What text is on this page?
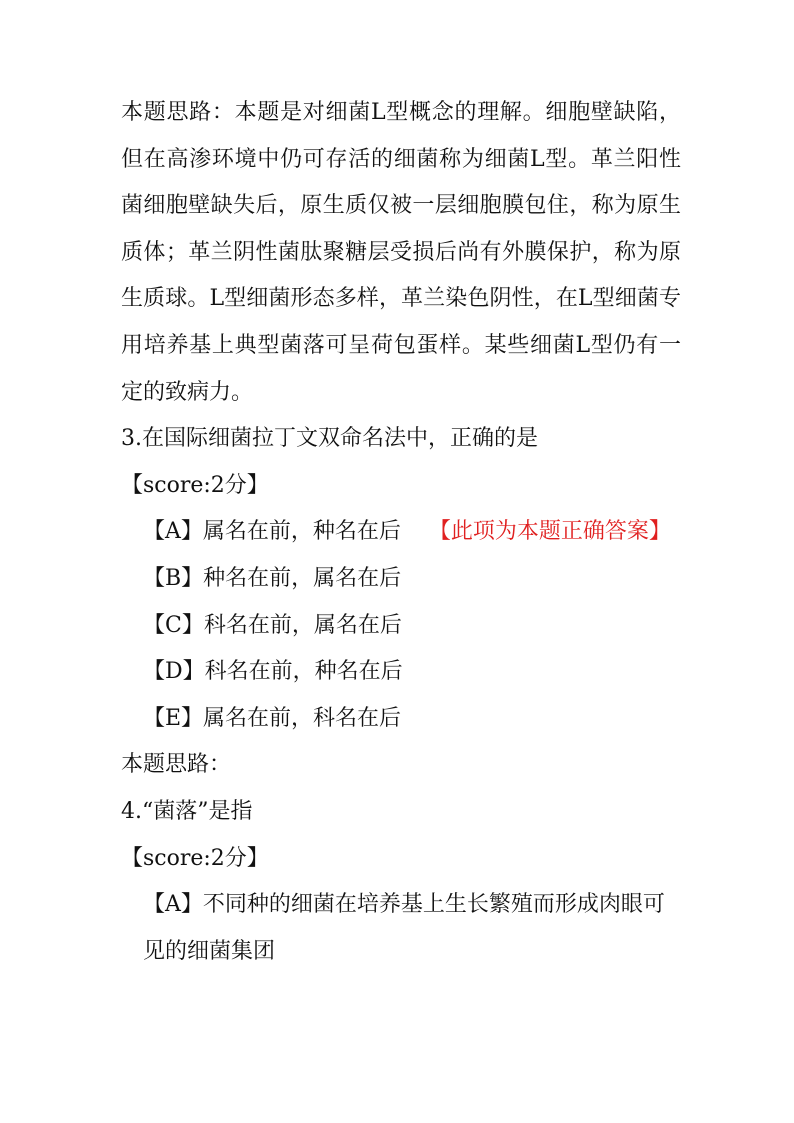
本题思路：本题是对细菌L型概念的理解。细胞壁缺陷，但在高渗环境中仍可存活的细菌称为细菌L型。革兰阳性菌细胞壁缺失后，原生质仅被一层细胞膜包住，称为原生质体；革兰阴性菌肽聚糖层受损后尚有外膜保护，称为原生质球。L型细菌形态多样，革兰染色阴性，在L型细菌专用培养基上典型菌落可呈荷包蛋样。某些细菌L型仍有一定的致病力。

3.在国际细菌拉丁文双命名法中，正确的是

【score:2分】

【A】属名在前，种名在后 【此项为本题正确答案】

【B】种名在前，属名在后

【C】科名在前，属名在后

【D】科名在前，种名在后

【E】属名在前，科名在后

本题思路：

4.“菌落”是指

【score:2分】

【A】不同种的细菌在培养基上生长繁殖而形成肉眼可见的细菌集团
